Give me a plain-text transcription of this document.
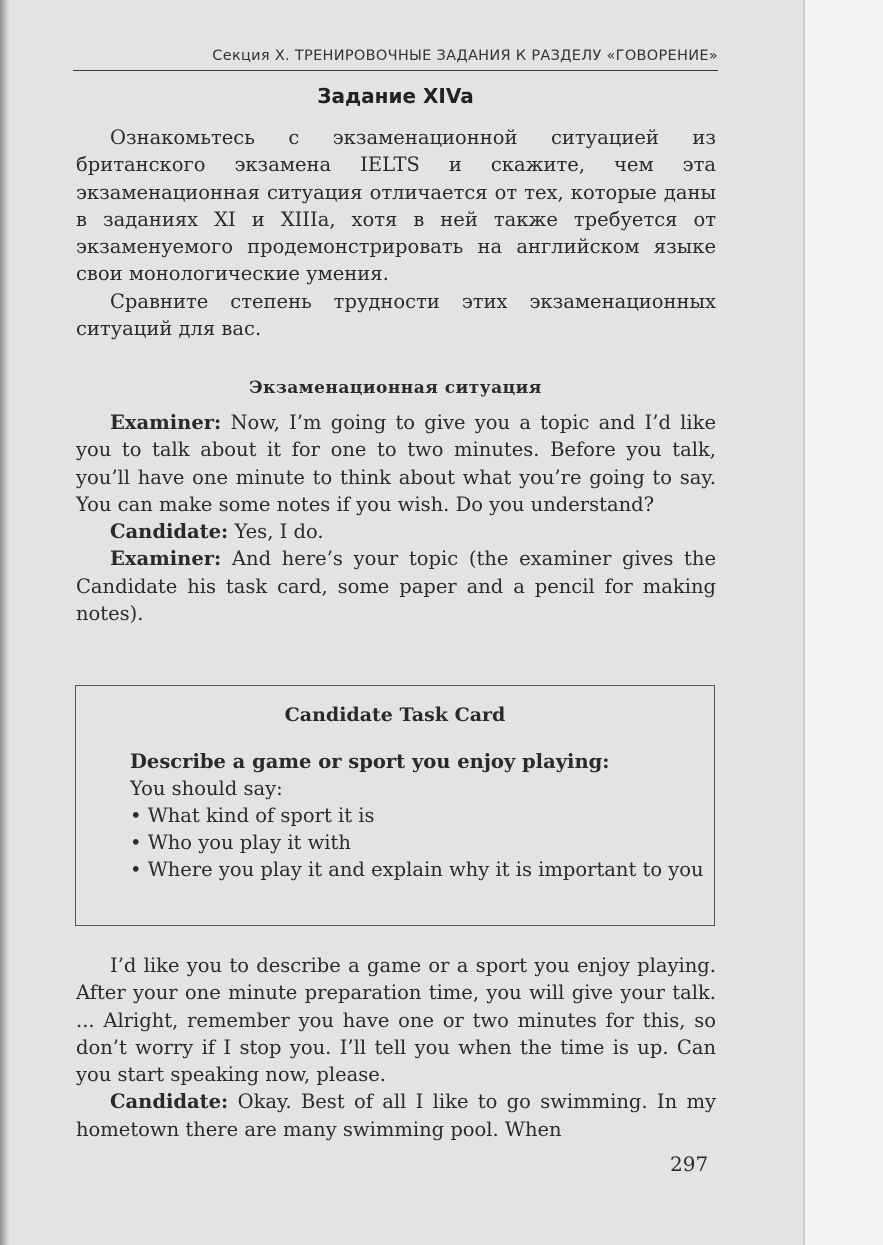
Секция X. ТРЕНИРОВОЧНЫЕ ЗАДАНИЯ К РАЗДЕЛУ «ГОВОРЕНИЕ»
Задание XIVa

Ознакомьтесь с экзаменационной ситуацией из британского экзамена IELTS и скажите, чем эта экзаменационная ситуация отличается от тех, которые даны в заданиях XI и XIIIa, хотя в ней также требуется от экзаменуемого продемонстрировать на английском языке свои монологические умения.

Сравните степень трудности этих экзаменационных ситуаций для вас.

Экзаменационная ситуация

Examiner: Now, I’m going to give you a topic and I’d like you to talk about it for one to two minutes. Before you talk, you’ll have one minute to think about what you’re going to say. You can make some notes if you wish. Do you understand?

Candidate: Yes, I do.

Examiner: And here’s your topic (the examiner gives the Candidate his task card, some paper and a pencil for making notes).

Candidate Task Card
Describe a game or sport you enjoy playing:
You should say:
• What kind of sport it is
• Who you play it with
• Where you play it and explain why it is important to you

I’d like you to describe a game or a sport you enjoy playing. After your one minute preparation time, you will give your talk. ... Alright, remember you have one or two minutes for this, so don’t worry if I stop you. I’ll tell you when the time is up. Can you start speaking now, please.

Candidate: Okay. Best of all I like to go swimming. In my hometown there are many swimming pool. When

297
